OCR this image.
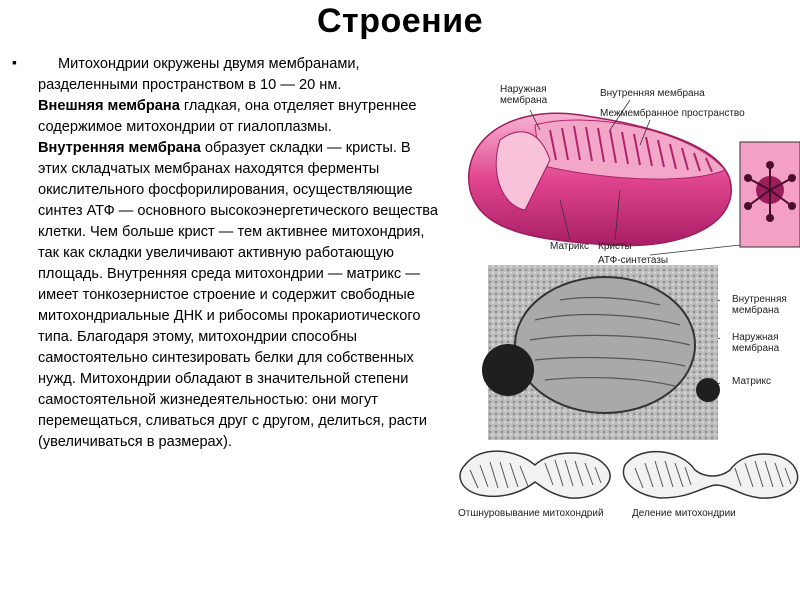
Строение
▪	Митохондрии окружены двумя мембранами, разделенными пространством в 10 — 20 нм.

Внешняя мембрана гладкая, она отделяет внутреннее содержимое митохондрии от гиалоплазмы.

Внутренняя мембрана образует складки — кристы. В этих складчатых мембранах находятся ферменты окислительного фосфорилирования, осуществляющие синтез АТФ — основного высокоэнергетического вещества клетки. Чем больше крист — тем активнее митохондрия, так как складки увеличивают активную работающую площадь. Внутренняя среда митохондрии — матрикс — имеет тонкозернистое строение и содержит свободные митохондриальные ДНК и рибосомы прокариотического типа. Благодаря этому, митохондрии способны самостоятельно синтезировать белки для собственных нужд. Митохондрии обладают в значительной степени самостоятельной жизнедеятельностью: они могут перемещаться, сливаться друг с другом, делиться, расти (увеличиваться в размерах).

Наружная
мембрана
Внутренняя мембрана
Межмембранное пространство
Матрикс Кристы
АТФ-синтетазы
Внутренняя
мембрана
Наружная
мембрана
Матрикс
Отшнуровывание митохондрий	Деление митохондрии
